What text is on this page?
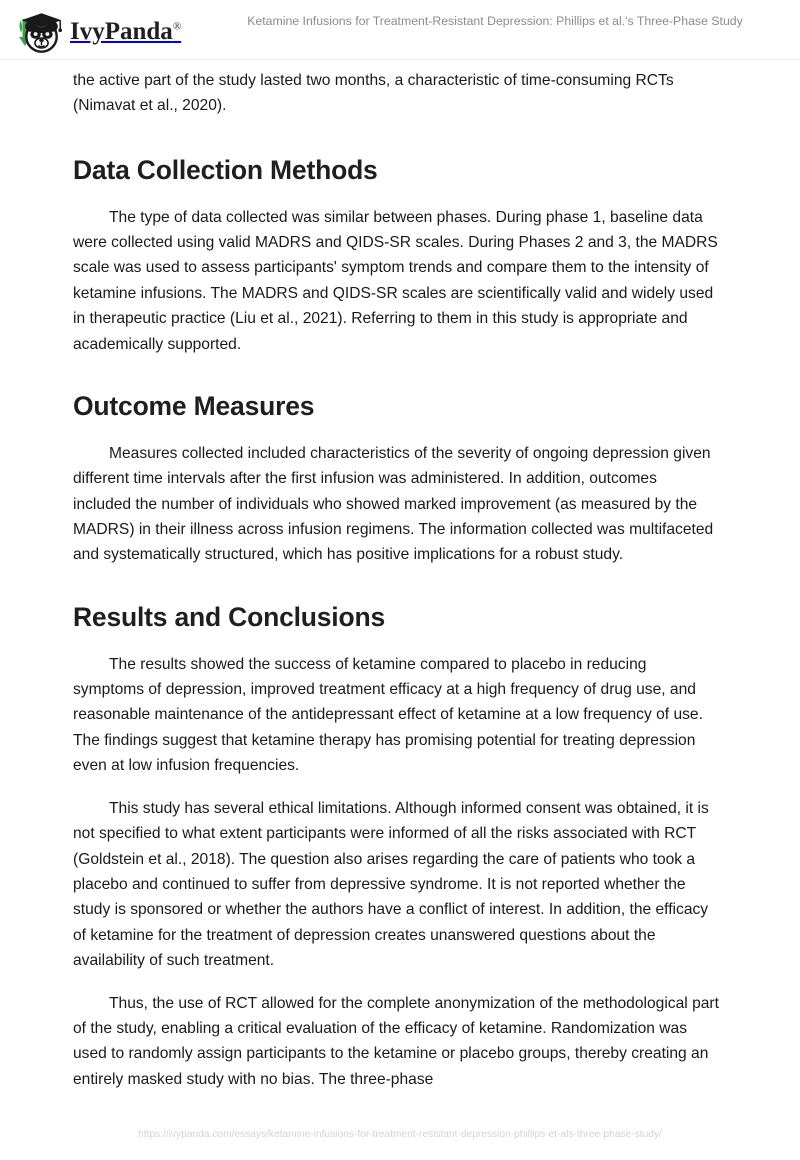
IvyPanda®	Ketamine Infusions for Treatment-Resistant Depression: Phillips et al.'s Three-Phase Study

the active part of the study lasted two months, a characteristic of time-consuming RCTs (Nimavat et al., 2020).

Data Collection Methods

The type of data collected was similar between phases. During phase 1, baseline data were collected using valid MADRS and QIDS-SR scales. During Phases 2 and 3, the MADRS scale was used to assess participants' symptom trends and compare them to the intensity of ketamine infusions. The MADRS and QIDS-SR scales are scientifically valid and widely used in therapeutic practice (Liu et al., 2021). Referring to them in this study is appropriate and academically supported.

Outcome Measures

Measures collected included characteristics of the severity of ongoing depression given different time intervals after the first infusion was administered. In addition, outcomes included the number of individuals who showed marked improvement (as measured by the MADRS) in their illness across infusion regimens. The information collected was multifaceted and systematically structured, which has positive implications for a robust study.

Results and Conclusions

The results showed the success of ketamine compared to placebo in reducing symptoms of depression, improved treatment efficacy at a high frequency of drug use, and reasonable maintenance of the antidepressant effect of ketamine at a low frequency of use. The findings suggest that ketamine therapy has promising potential for treating depression even at low infusion frequencies.

This study has several ethical limitations. Although informed consent was obtained, it is not specified to what extent participants were informed of all the risks associated with RCT (Goldstein et al., 2018). The question also arises regarding the care of patients who took a placebo and continued to suffer from depressive syndrome. It is not reported whether the study is sponsored or whether the authors have a conflict of interest. In addition, the efficacy of ketamine for the treatment of depression creates unanswered questions about the availability of such treatment.

Thus, the use of RCT allowed for the complete anonymization of the methodological part of the study, enabling a critical evaluation of the efficacy of ketamine. Randomization was used to randomly assign participants to the ketamine or placebo groups, thereby creating an entirely masked study with no bias. The three-phase

https://ivypanda.com/essays/ketamine-infusions-for-treatment-resistant-depression-phillips-et-als-three-phase-study/
